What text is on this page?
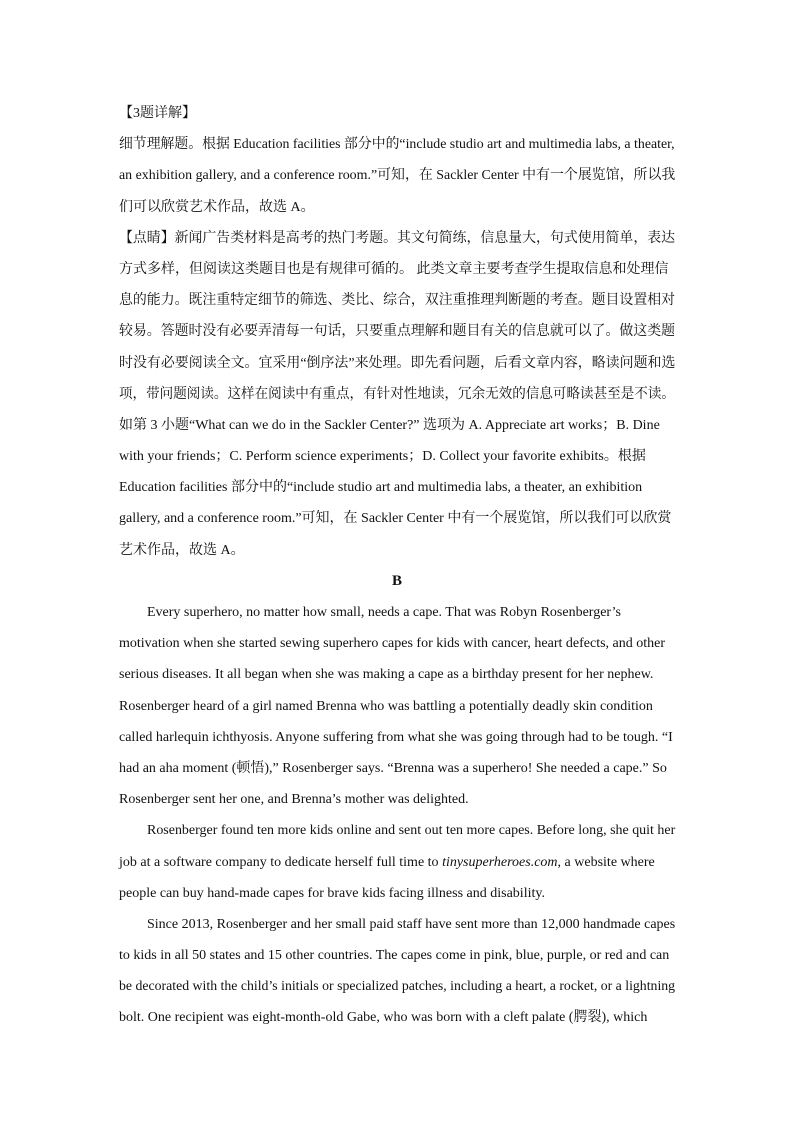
【3题详解】
细节理解题。根据 Education facilities 部分中的“include studio art and multimedia labs, a theater,
an exhibition gallery, and a conference room.”可知，在 Sackler Center 中有一个展览馆，所以我
们可以欣赏艺术作品，故选 A。
【点睛】新闻广告类材料是高考的热门考题。其文句简练，信息量大，句式使用简单，表达
方式多样，但阅读这类题目也是有规律可循的。 此类文章主要考查学生提取信息和处理信
息的能力。既注重特定细节的筛选、类比、综合，双注重推理判断题的考查。题目设置相对
较易。答题时没有必要弄清每一句话，只要重点理解和题目有关的信息就可以了。做这类题
时没有必要阅读全文。宜采用“倒序法”来处理。即先看问题，后看文章内容，略读问题和选
项，带问题阅读。这样在阅读中有重点，有针对性地读，冗余无效的信息可略读甚至是不读。
如第 3 小题“What can we do in the Sackler Center?” 选项为 A. Appreciate art works；B. Dine
with your friends；C. Perform science experiments；D. Collect your favorite exhibits。根据
Education facilities 部分中的“include studio art and multimedia labs, a theater, an exhibition
gallery, and a conference room.”可知，在 Sackler Center 中有一个展览馆，所以我们可以欣赏
艺术作品，故选 A。
B
Every superhero, no matter how small, needs a cape. That was Robyn Rosenberger’s
motivation when she started sewing superhero capes for kids with cancer, heart defects, and other
serious diseases. It all began when she was making a cape as a birthday present for her nephew.
Rosenberger heard of a girl named Brenna who was battling a potentially deadly skin condition
called harlequin ichthyosis. Anyone suffering from what she was going through had to be tough. “I
had an aha moment (顿悟),” Rosenberger says. “Brenna was a superhero! She needed a cape.” So
Rosenberger sent her one, and Brenna’s mother was delighted.
Rosenberger found ten more kids online and sent out ten more capes. Before long, she quit her
job at a software company to dedicate herself full time to tinysuperheroes.com, a website where
people can buy hand-made capes for brave kids facing illness and disability.
Since 2013, Rosenberger and her small paid staff have sent more than 12,000 handmade capes
to kids in all 50 states and 15 other countries. The capes come in pink, blue, purple, or red and can
be decorated with the child’s initials or specialized patches, including a heart, a rocket, or a lightning
bolt. One recipient was eight-month-old Gabe, who was born with a cleft palate (腭裂), which
